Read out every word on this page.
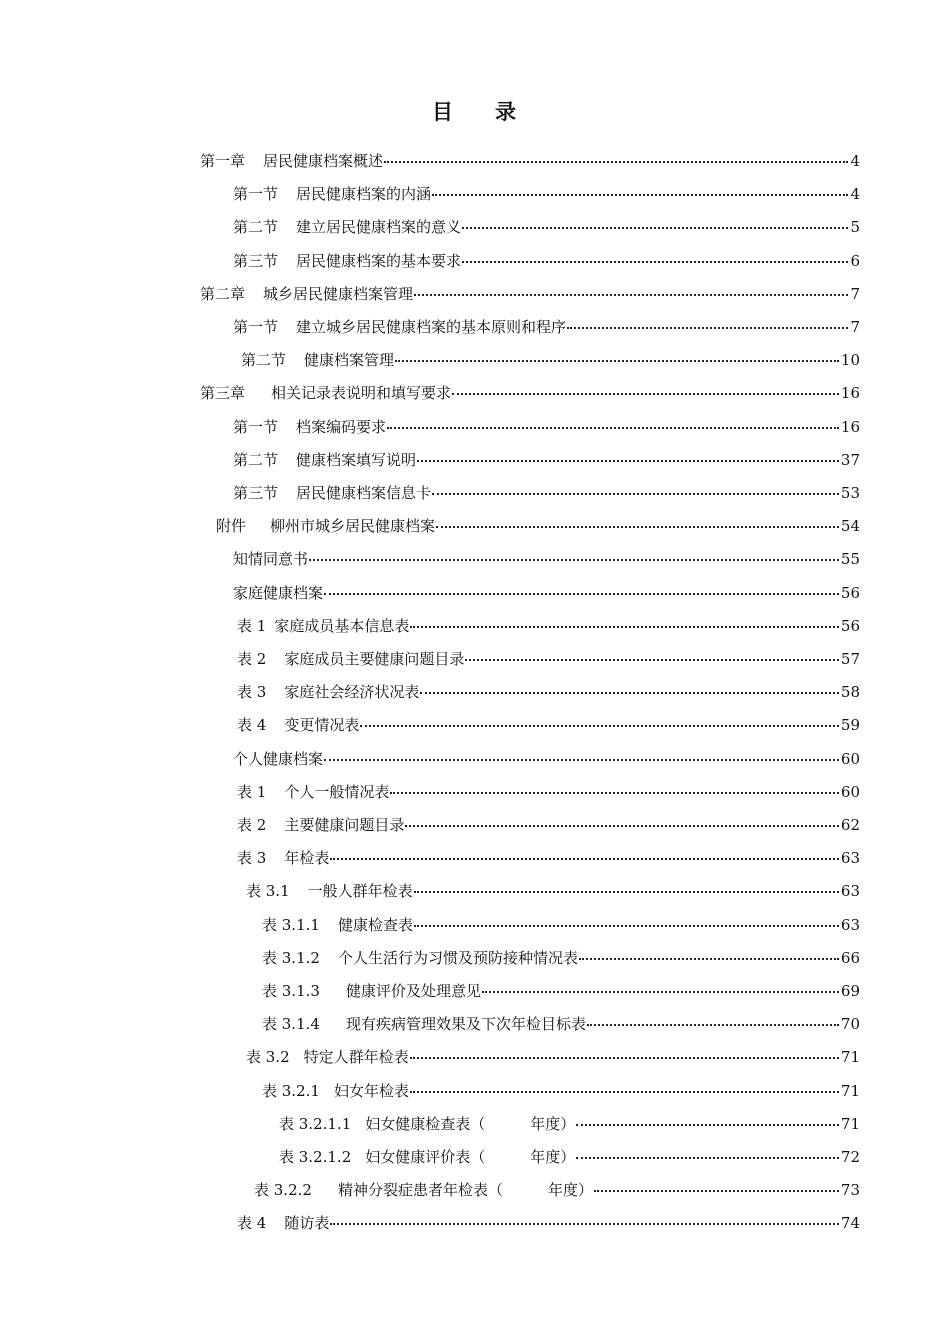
目 录
第一章 居民健康档案概述	4
第一节 居民健康档案的内涵	4
第二节 建立居民健康档案的意义	5
第三节 居民健康档案的基本要求	6
第二章 城乡居民健康档案管理	7
第一节 建立城乡居民健康档案的基本原则和程序	7
第二节 健康档案管理	10
第三章 相关记录表说明和填写要求	16
第一节 档案编码要求	16
第二节 健康档案填写说明	37
第三节 居民健康档案信息卡	53
附件 柳州市城乡居民健康档案	54
知情同意书	55
家庭健康档案	56
表 1 家庭成员基本信息表	56
表 2 家庭成员主要健康问题目录	57
表 3 家庭社会经济状况表	58
表 4 变更情况表	59
个人健康档案	60
表 1 个人一般情况表	60
表 2 主要健康问题目录	62
表 3 年检表	63
表 3.1 一般人群年检表	63
表 3.1.1 健康检查表	63
表 3.1.2 个人生活行为习惯及预防接种情况表	66
表 3.1.3 健康评价及处理意见	69
表 3.1.4 现有疾病管理效果及下次年检目标表	70
表 3.2 特定人群年检表	71
表 3.2.1 妇女年检表	71
表 3.2.1.1 妇女健康检查表（　　　年度）	71
表 3.2.1.2 妇女健康评价表（　　　年度）	72
表 3.2.2 精神分裂症患者年检表（　　　年度）	73
表 4 随访表	74
